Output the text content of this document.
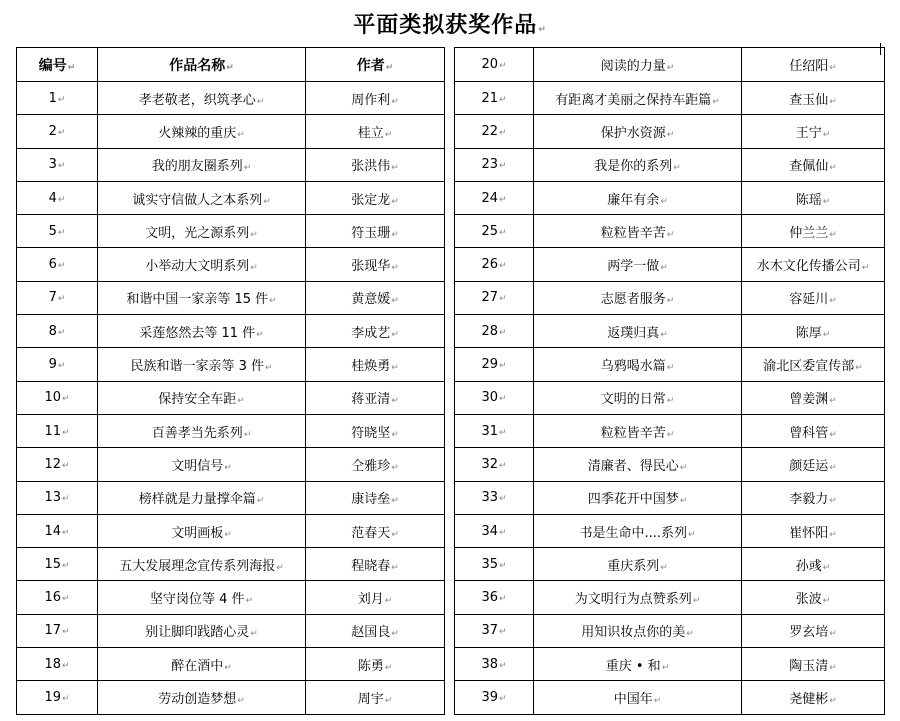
平面类拟获奖作品↵
编号↵	作品名称↵	作者↵
1↵	孝老敬老，织筑孝心↵	周作利↵
2↵	火辣辣的重庆↵	桂立↵
3↵	我的朋友圈系列↵	张洪伟↵
4↵	诚实守信做人之本系列↵	张定龙↵
5↵	文明，光之源系列↵	符玉珊↵
6↵	小举动大文明系列↵	张现华↵
7↵	和谐中国一家亲等 15 件↵	黄意媛↵
8↵	采莲悠然去等 11 件↵	李成艺↵
9↵	民族和谐一家亲等 3 件↵	桂焕勇↵
10↵	保持安全车距↵	蒋亚清↵
11↵	百善孝当先系列↵	符晓坚↵
12↵	文明信号↵	仝雅珍↵
13↵	榜样就是力量撑伞篇↵	康诗垒↵
14↵	文明画板↵	范春天↵
15↵	五大发展理念宣传系列海报↵	程晓春↵
16↵	坚守岗位等 4 件↵	刘月↵
17↵	别让脚印践踏心灵↵	赵国良↵
18↵	醉在酒中↵	陈勇↵
19↵	劳动创造梦想↵	周宇↵
20↵	阅读的力量↵	任绍阳↵
21↵	有距离才美丽之保持车距篇↵	查玉仙↵
22↵	保护水资源↵	王宁↵
23↵	我是你的系列↵	查佩仙↵
24↵	廉年有余↵	陈瑶↵
25↵	粒粒皆辛苦↵	仲兰兰↵
26↵	两学一做↵	水木文化传播公司↵
27↵	志愿者服务↵	容延川↵
28↵	返璞归真↵	陈厚↵
29↵	乌鸦喝水篇↵	渝北区委宣传部↵
30↵	文明的日常↵	曾姜渊↵
31↵	粒粒皆辛苦↵	曾科管↵
32↵	清廉者、得民心↵	颜廷运↵
33↵	四季花开中国梦↵	李毅力↵
34↵	书是生命中....系列↵	崔怀阳↵
35↵	重庆系列↵	孙彧↵
36↵	为文明行为点赞系列↵	张波↵
37↵	用知识妆点你的美↵	罗玄培↵
38↵	重庆 • 和↵	陶玉清↵
39↵	中国年↵	尧健彬↵
